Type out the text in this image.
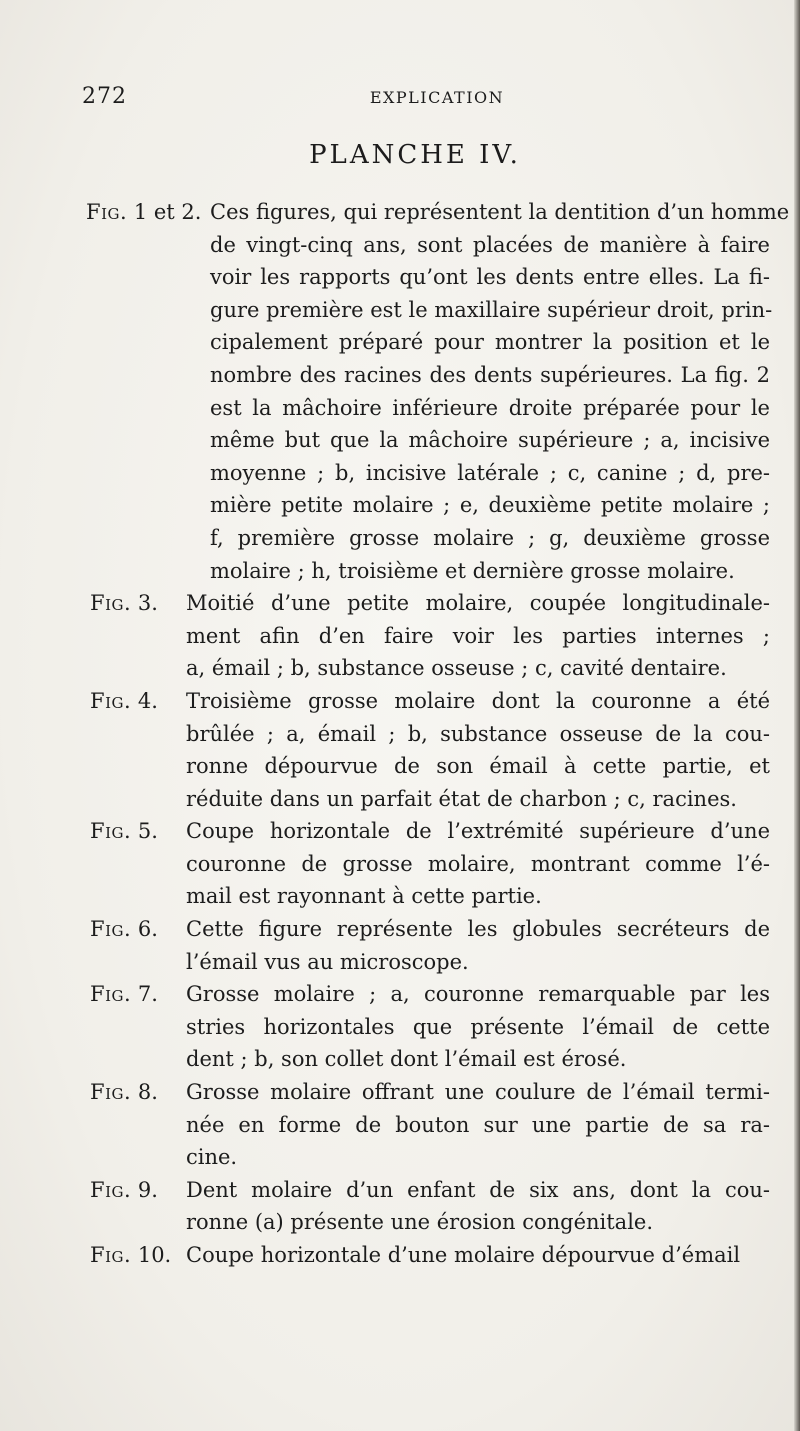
272	EXPLICATION
PLANCHE IV.
Fig. 1 et 2. Ces figures, qui représentent la dentition d’un homme
de vingt-cinq ans, sont placées de manière à faire
voir les rapports qu’ont les dents entre elles. La fi-
gure première est le maxillaire supérieur droit, prin-
cipalement préparé pour montrer la position et le
nombre des racines des dents supérieures. La fig. 2
est la mâchoire inférieure droite préparée pour le
même but que la mâchoire supérieure ; a, incisive
moyenne ; b, incisive latérale ; c, canine ; d, pre-
mière petite molaire ; e, deuxième petite molaire ;
f, première grosse molaire ; g, deuxième grosse
molaire ; h, troisième et dernière grosse molaire.
Fig. 3. Moitié d’une petite molaire, coupée longitudinale-
ment afin d’en faire voir les parties internes ;
a, émail ; b, substance osseuse ; c, cavité dentaire.
Fig. 4. Troisième grosse molaire dont la couronne a été
brûlée ; a, émail ; b, substance osseuse de la cou-
ronne dépourvue de son émail à cette partie, et
réduite dans un parfait état de charbon ; c, racines.
Fig. 5. Coupe horizontale de l’extrémité supérieure d’une
couronne de grosse molaire, montrant comme l’é-
mail est rayonnant à cette partie.
Fig. 6. Cette figure représente les globules secréteurs de
l’émail vus au microscope.
Fig. 7. Grosse molaire ; a, couronne remarquable par les
stries horizontales que présente l’émail de cette
dent ; b, son collet dont l’émail est érosé.
Fig. 8. Grosse molaire offrant une coulure de l’émail termi-
née en forme de bouton sur une partie de sa ra-
cine.
Fig. 9. Dent molaire d’un enfant de six ans, dont la cou-
ronne (a) présente une érosion congénitale.
Fig. 10. Coupe horizontale d’une molaire dépourvue d’émail
